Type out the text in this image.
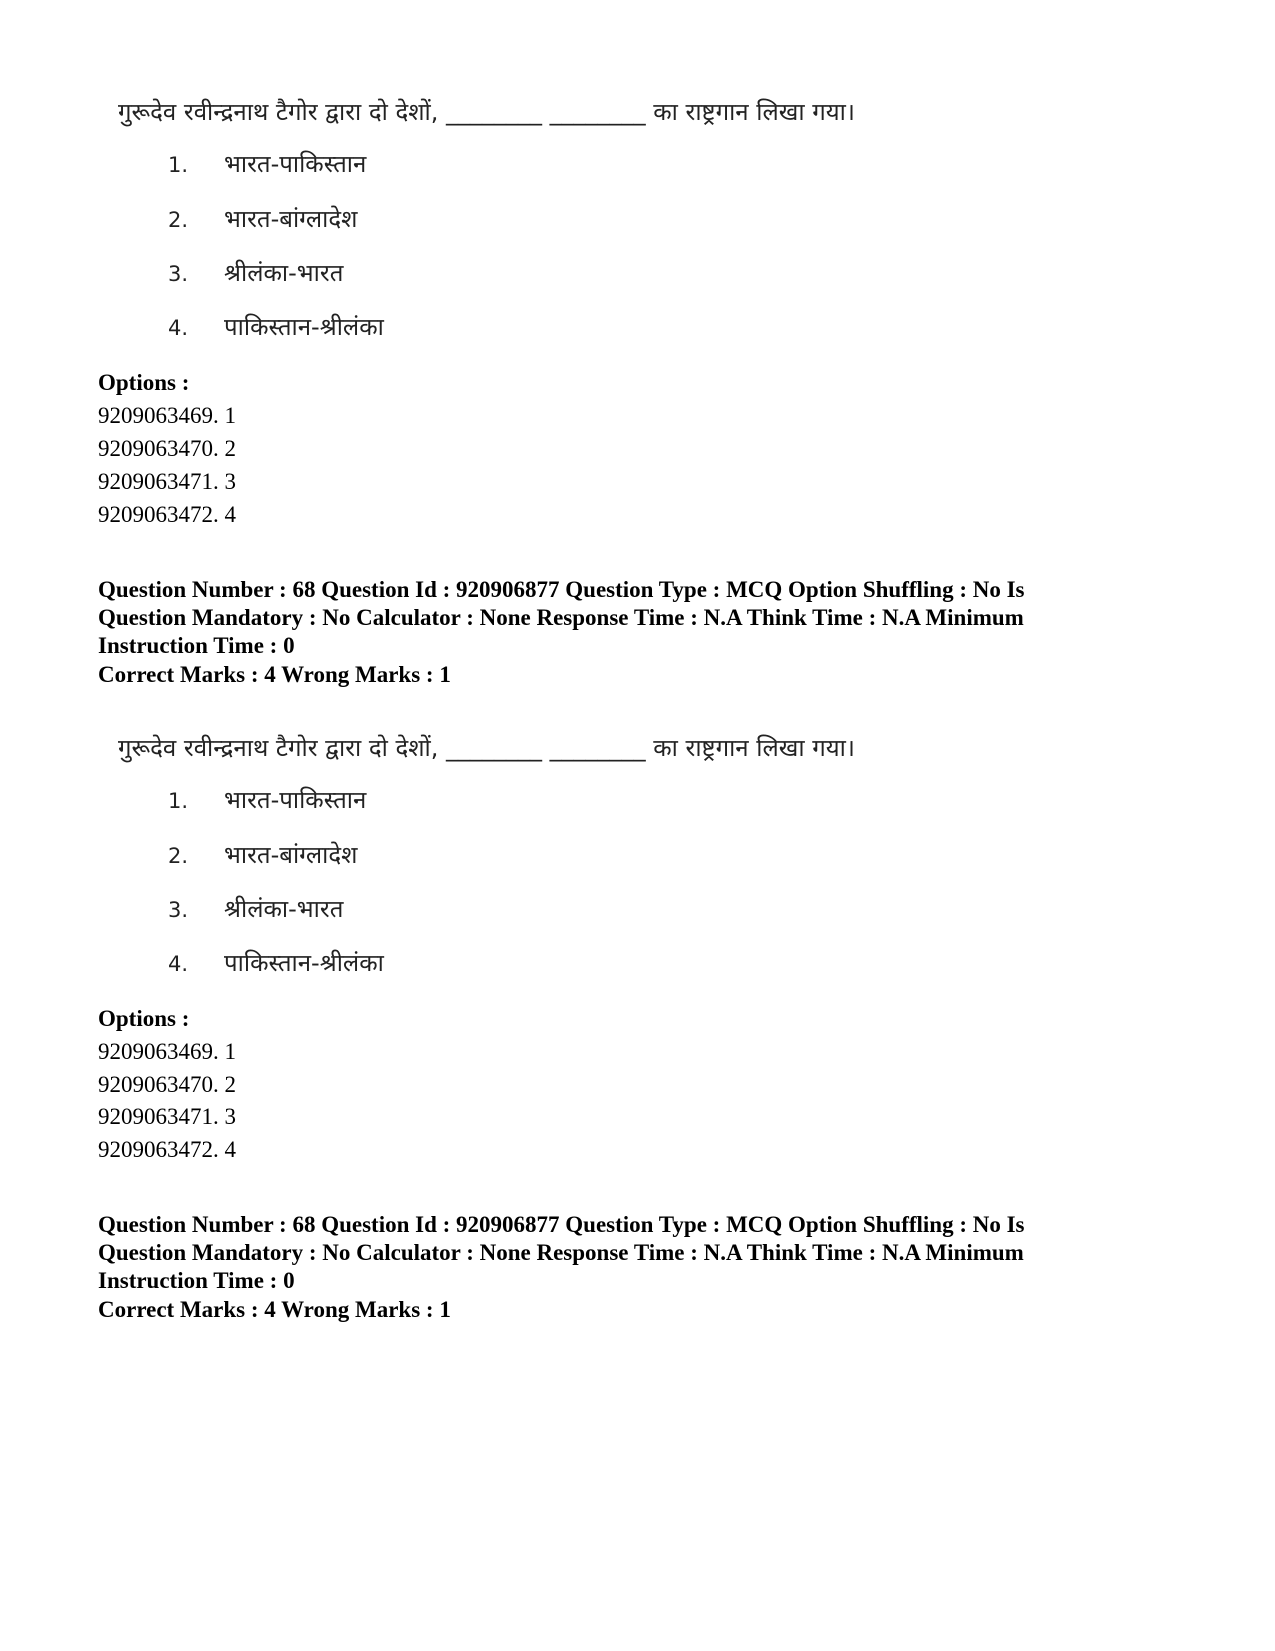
गुरूदेव रवीन्द्रनाथ टैगोर द्वारा दो देशों, ________ ________ का राष्ट्रगान लिखा गया।
1. भारत-पाकिस्तान
2. भारत-बांग्लादेश
3. श्रीलंका-भारत
4. पाकिस्तान-श्रीलंका
Options :
9209063469. 1
9209063470. 2
9209063471. 3
9209063472. 4
Question Number : 68 Question Id : 920906877 Question Type : MCQ Option Shuffling : No Is
Question Mandatory : No Calculator : None Response Time : N.A Think Time : N.A Minimum
Instruction Time : 0
Correct Marks : 4 Wrong Marks : 1
गुरूदेव रवीन्द्रनाथ टैगोर द्वारा दो देशों, ________ ________ का राष्ट्रगान लिखा गया।
1. भारत-पाकिस्तान
2. भारत-बांग्लादेश
3. श्रीलंका-भारत
4. पाकिस्तान-श्रीलंका
Options :
9209063469. 1
9209063470. 2
9209063471. 3
9209063472. 4
Question Number : 68 Question Id : 920906877 Question Type : MCQ Option Shuffling : No Is
Question Mandatory : No Calculator : None Response Time : N.A Think Time : N.A Minimum
Instruction Time : 0
Correct Marks : 4 Wrong Marks : 1
